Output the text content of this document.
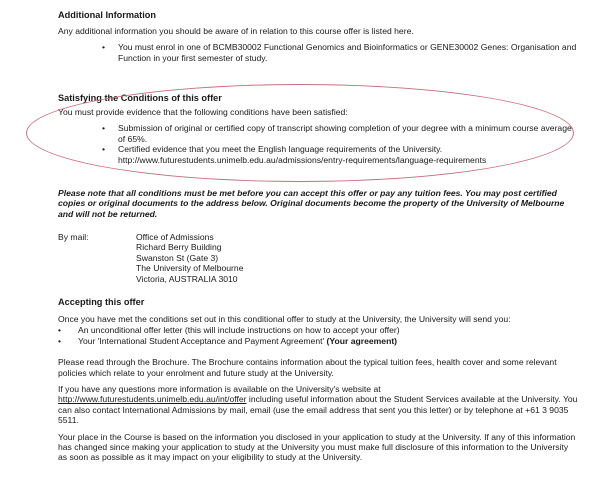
Additional Information

Any additional information you should be aware of in relation to this course offer is listed here.

• You must enrol in one of BCMB30002 Functional Genomics and Bioinformatics or GENE30002 Genes: Organisation and Function in your first semester of study.
Satisfying the Conditions of this offer

You must provide evidence that the following conditions have been satisfied:

• Submission of original or certified copy of transcript showing completion of your degree with a minimum course average of 65%.
• Certified evidence that you meet the English language requirements of the University. http://www.futurestudents.unimelb.edu.au/admissions/entry-requirements/language-requirements

Please note that all conditions must be met before you can accept this offer or pay any tuition fees. You may post certified copies or original documents to the address below. Original documents become the property of the University of Melbourne and will not be returned.

By mail:	Office of Admissions
Richard Berry Building
Swanston St (Gate 3)
The University of Melbourne
Victoria, AUSTRALIA 3010
Accepting this offer

Once you have met the conditions set out in this conditional offer to study at the University, the University will send you:

• An unconditional offer letter (this will include instructions on how to accept your offer)
• Your 'International Student Acceptance and Payment Agreement' (Your agreement)

Please read through the Brochure. The Brochure contains information about the typical tuition fees, health cover and some relevant policies which relate to your enrolment and future study at the University.

If you have any questions more information is available on the University's website at
http://www.futurestudents.unimelb.edu.au/int/offer including useful information about the Student Services available at the University. You can also contact International Admissions by mail, email (use the email address that sent you this letter) or by telephone at +61 3 9035 5511.

Your place in the Course is based on the information you disclosed in your application to study at the University. If any of this information has changed since making your application to study at the University you must make full disclosure of this information to the University as soon as possible as it may impact on your eligibility to study at the University.
